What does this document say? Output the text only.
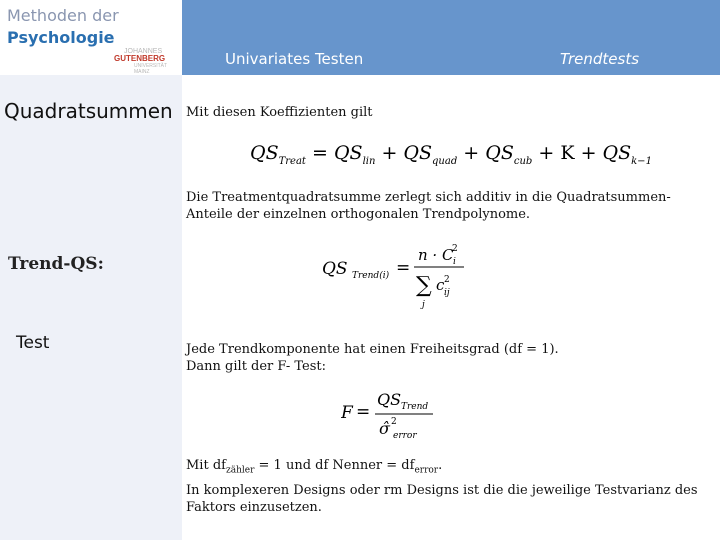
Methoden der
Psychologie
JOHANNES
GUTENBERG
UNIVERSITÄT
MAINZ
Univariates Testen	Trendtests
Quadratsummen
Trend-QS:
Test
Mit diesen Koeffizienten gilt
$QS_{Treat} = QS_{lin} + QS_{quad} + QS_{cub} + K + QS_{k-1}$
Die Treatmentquadratsumme zerlegt sich additiv in die Quadratsummen-Anteile der einzelnen orthogonalen Trendpolynome.
QS Trend(i) =
n · C
2
i
∑ c 2
ij
j
Jede Trendkomponente hat einen Freiheitsgrad (df = 1).
Dann gilt der F- Test:
F =
QS Trend
σ̂ 2
error
Mit $df_{zähler} = 1$ und df Nenner = $df_{error}$.
In komplexeren Designs oder rm Designs ist die die jeweilige Testvarianz des Faktors einzusetzen.
